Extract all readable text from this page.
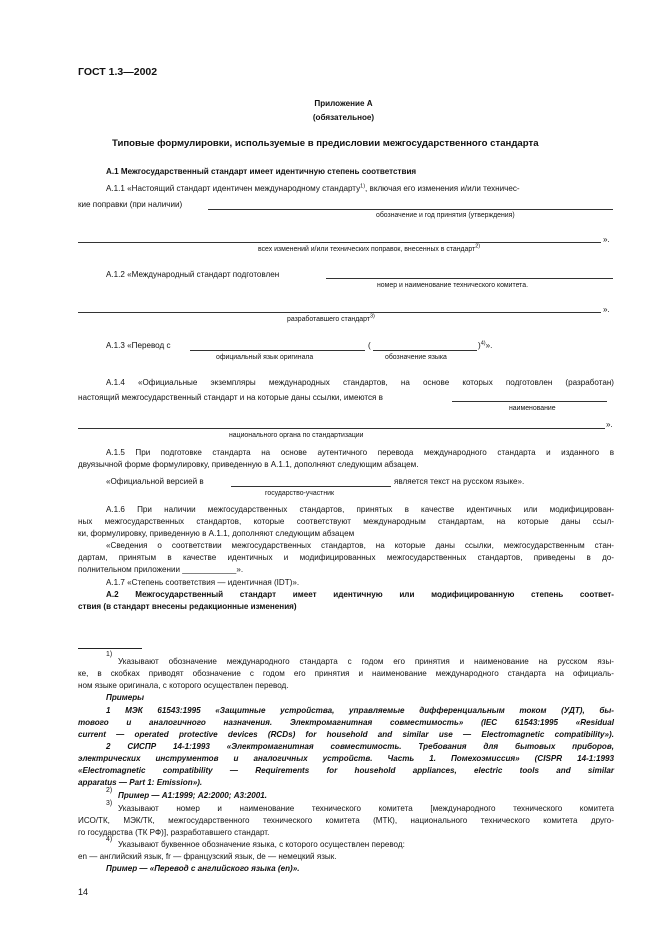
ГОСТ 1.3—2002
Приложение А
(обязательное)
Типовые формулировки, используемые в предисловии межгосударственного стандарта
А.1 Межгосударственный стандарт имеет идентичную степень соответствия
А.1.1 «Настоящий стандарт идентичен международному стандарту$^{1)}$, включая его изменения и/или техничес-
кие поправки (при наличии)
обозначение и год принятия (утверждения)
».
всех изменений и/или технических поправок, внесенных в стандарт$^{2)}$
А.1.2 «Международный стандарт подготовлен
номер и наименование технического комитета.
».
разработавшего стандарт$^{3)}$
А.1.3 «Перевод с	(	)$^{4)}$».
официальный язык оригинала	обозначение языка
А.1.4 «Официальные экземпляры международных стандартов, на основе которых подготовлен (разработан)
настоящий межгосударственный стандарт и на которые даны ссылки, имеются в
наименование
».
национального органа по стандартизации
А.1.5 При подготовке стандарта на основе аутентичного перевода международного стандарта и изданного в
двуязычной форме формулировку, приведенную в А.1.1, дополняют следующим абзацем.
«Официальной версией в	является текст на русском языке».
государство-участник
А.1.6 При наличии межгосударственных стандартов, принятых в качестве идентичных или модифицирован-
ных межгосударственных стандартов, которые соответствуют международным стандартам, на которые даны ссыл-
ки, формулировку, приведенную в А.1.1, дополняют следующим абзацем
«Сведения о соответствии межгосударственных стандартов, на которые даны ссылки, межгосударственным стан-
дартам, принятым в качестве идентичных и модифицированных межгосударственных стандартов, приведены в до-
полнительном приложении ____________».
А.1.7 «Степень соответствия — идентичная (IDT)».
А.2 Межгосударственный стандарт имеет идентичную или модифицированную степень соответ-
ствия (в стандарт внесены редакционные изменения)
1)
Указывают обозначение международного стандарта с годом его принятия и наименование на русском язы-
ке, в скобках приводят обозначение с годом его принятия и наименование международного стандарта на официаль-
ном языке оригинала, с которого осуществлен перевод.
Примеры
1 МЭК 61543:1995 «Защитные устройства, управляемые дифференциальным током (УДТ), бы-
тового и аналогичного назначения. Электромагнитная совместимость» (IEC 61543:1995 «Residual
current — operated protective devices (RCDs) for household and similar use — Electromagnetic compatibility»).
2 СИСПР 14-1:1993 «Электромагнитная совместимость. Требования для бытовых приборов,
электрических инструментов и аналогичных устройств. Часть 1. Помехоэмиссия» (CISPR 14-1:1993
«Electromagnetic compatibility — Requirements for household appliances, electric tools and similar
apparatus — Part 1: Emission»).
2)
Пример — А1:1999; А2:2000; А3:2001.
3)
Указывают номер и наименование технического комитета [международного технического комитета
ИСО/ТК, МЭК/ТК, межгосударственного технического комитета (МТК), национального технического комитета друго-
го государства (ТК РФ)], разработавшего стандарт.
4)
Указывают буквенное обозначение языка, с которого осуществлен перевод:
en — английский язык, fr — французский язык, de — немецкий язык.
Пример — «Перевод с английского языка (en)».
14
